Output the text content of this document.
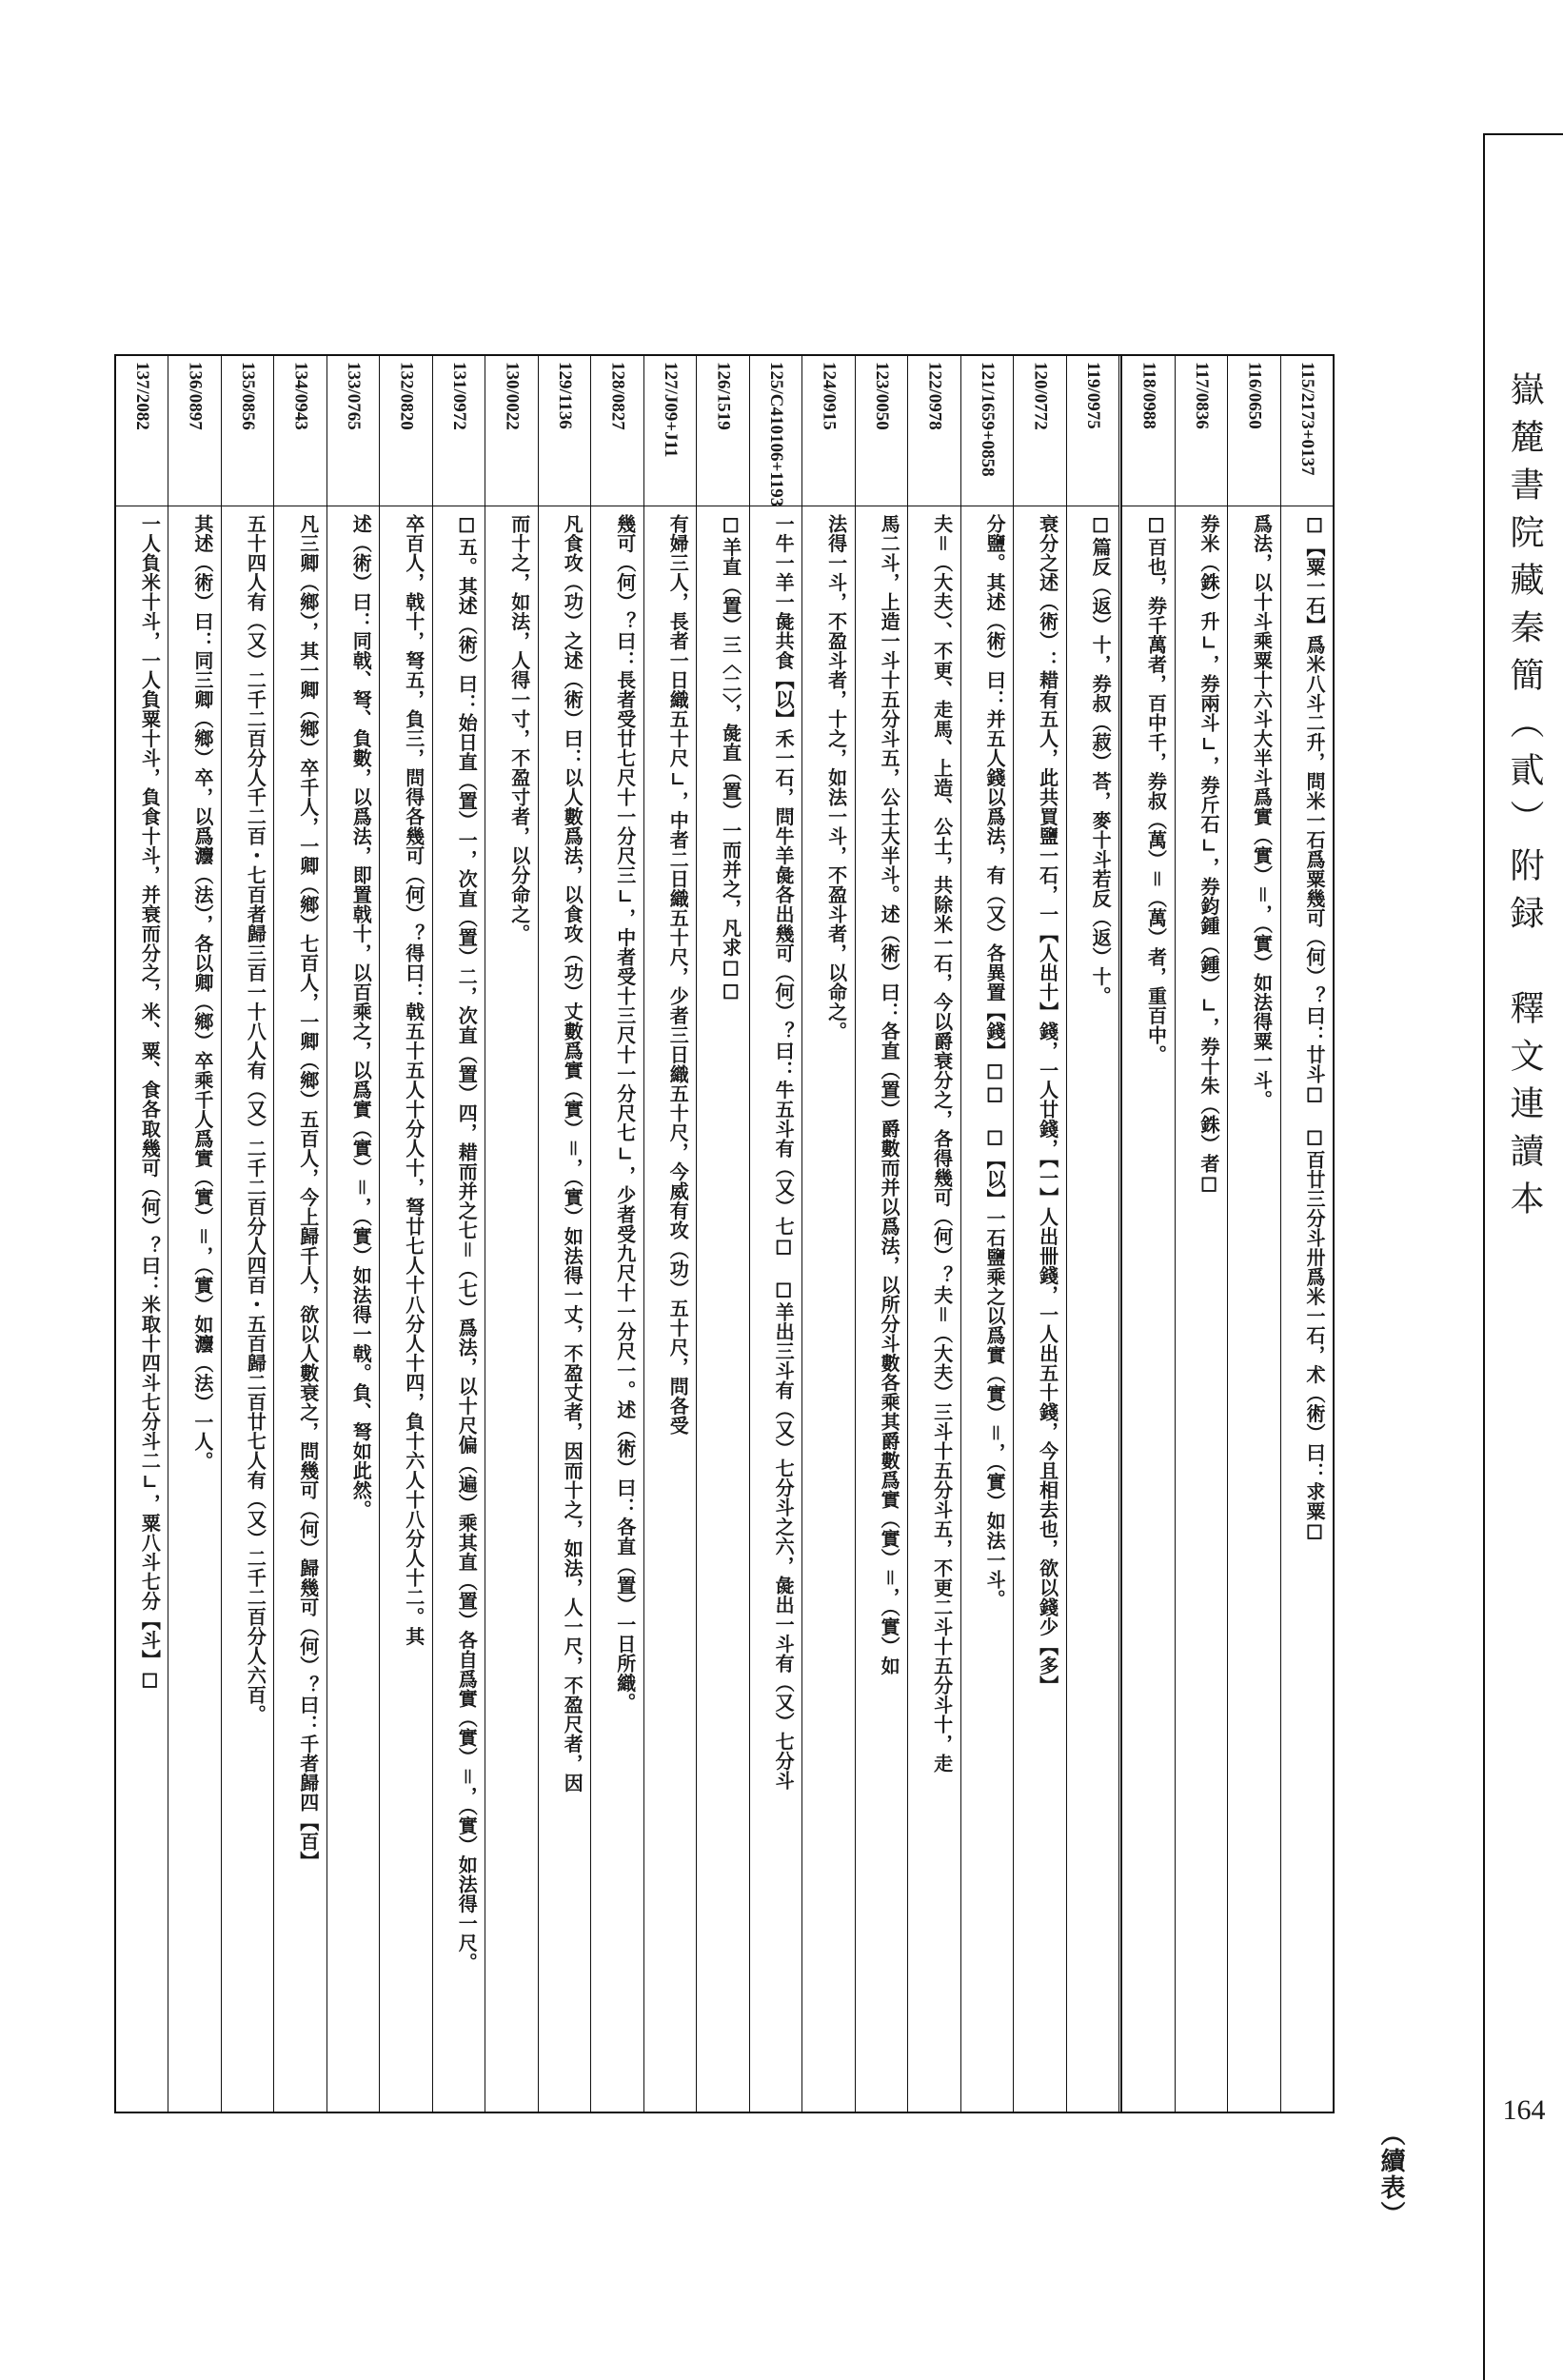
嶽麓書院藏秦簡（貳）附録　釋文連讀本
164
（續表）
115/2173+0137
☐【粟一石】爲米八斗二升，問米一石爲粟幾可（何）？曰：廿斗☐　☐百廿三分斗卅爲米一石，术（術）曰：求粟☐
116/0650
爲法，以十斗乘粟十六斗大半斗爲實（實）＝，（實）如法得粟一斗。
117/0836
券米（銖）升∟，券兩斗∟，券斤石∟，券鈞鍾（鍾）∟，券十朱（銖）者☐
118/0988
☐百也，券千萬者，百中千，券叔（萬）＝（萬）者，重百中。
119/0975
☐篇反（返）十，券叔（菽）荅，麥十斗若反（返）十。
120/0772
衰分之述（術）：耤有五人，此共買鹽一石，一【人出十】錢，一人廿錢，【一】人出卌錢，一人出五十錢，今且相去也，欲以錢少【多】
121/1659+0858
分鹽。其述（術）曰：并五人錢以爲法，有（又）各異置【錢】☐☐　☐【以】一石鹽乘之以爲實（實）＝，（實）如法一斗。
122/0978
夫＝（大夫）、不更、走馬、上造、公士，共除米一石，今以爵衰分之，各得幾可（何）？夫＝（大夫）三斗十五分斗五，不更二斗十五分斗十，走
123/0050
馬二斗，上造一斗十五分斗五，公士大半斗。述（術）曰：各直（置）爵數而并以爲法，以所分斗數各乘其爵數爲實（實）＝，（實）如
124/0915
法得一斗，不盈斗者，十之，如法一斗，不盈斗者，以命之。
125/C410106+1193
一牛一羊一彘共食【以】禾一石，問牛羊彘各出幾可（何）？曰：牛五斗有（又）七☐　☐羊出三斗有（又）七分斗之六，彘出一斗有（又）七分斗
126/1519
☐羊直（置）三〈二〉，彘直（置）一而并之，凡求☐☐
127/J09+J11
有婦三人，長者一日織五十尺∟，中者二日織五十尺，少者三日織五十尺，今威有攻（功）五十尺，問各受
128/0827
幾可（何）？曰：長者受廿七尺十一分尺三∟，中者受十三尺十一分尺七∟，少者受九尺十一分尺一。述（術）曰：各直（置）一日所織。
129/1136
凡食攻（功）之述（術）曰：以人數爲法，以食攻（功）丈數爲實（實）＝，（實）如法得一丈，不盈丈者，因而十之，如法，人一尺，不盈尺者，因
130/0022
而十之，如法，人得一寸，不盈寸者，以分命之。
131/0972
☐五。其述（術）曰：始日直（置）一，次直（置）二，次直（置）四，耤而并之七＝（七）爲法，以十尺偏（遍）乘其直（置）各自爲實（實）＝，（實）如法得一尺。
132/0820
卒百人，戟十，弩五，負三，問得各幾可（何）？得曰：戟五十五人十分人十，弩廿七人十八分人十四，負十六人十八分人十二。其
133/0765
述（術）曰：同戟、弩、負數，以爲法，即置戟十，以百乘之，以爲實（實）＝，（實）如法得一戟。負、弩如此然。
134/0943
凡三卿（鄉），其一卿（鄉）卒千人，一卿（鄉）七百人，一卿（鄉）五百人，今上歸千人，欲以人數衰之，問幾可（何）歸幾可（何）？曰：千者歸四【百】
135/0856
五十四人有（又）二千二百分人千二百・七百者歸三百一十八人有（又）二千二百分人四百・五百歸二百廿七人有（又）二千二百分人六百。
136/0897
其述（術）曰：同三卿（鄉）卒，以爲灋（法），各以卿（鄉）卒乘千人爲實（實）＝，（實）如灋（法）一人。
137/2082
一人負米十斗，一人負粟十斗，負食十斗，并衰而分之，米、粟、食各取幾可（何）？曰：米取十四斗七分斗二∟，粟八斗七分【斗】☐
